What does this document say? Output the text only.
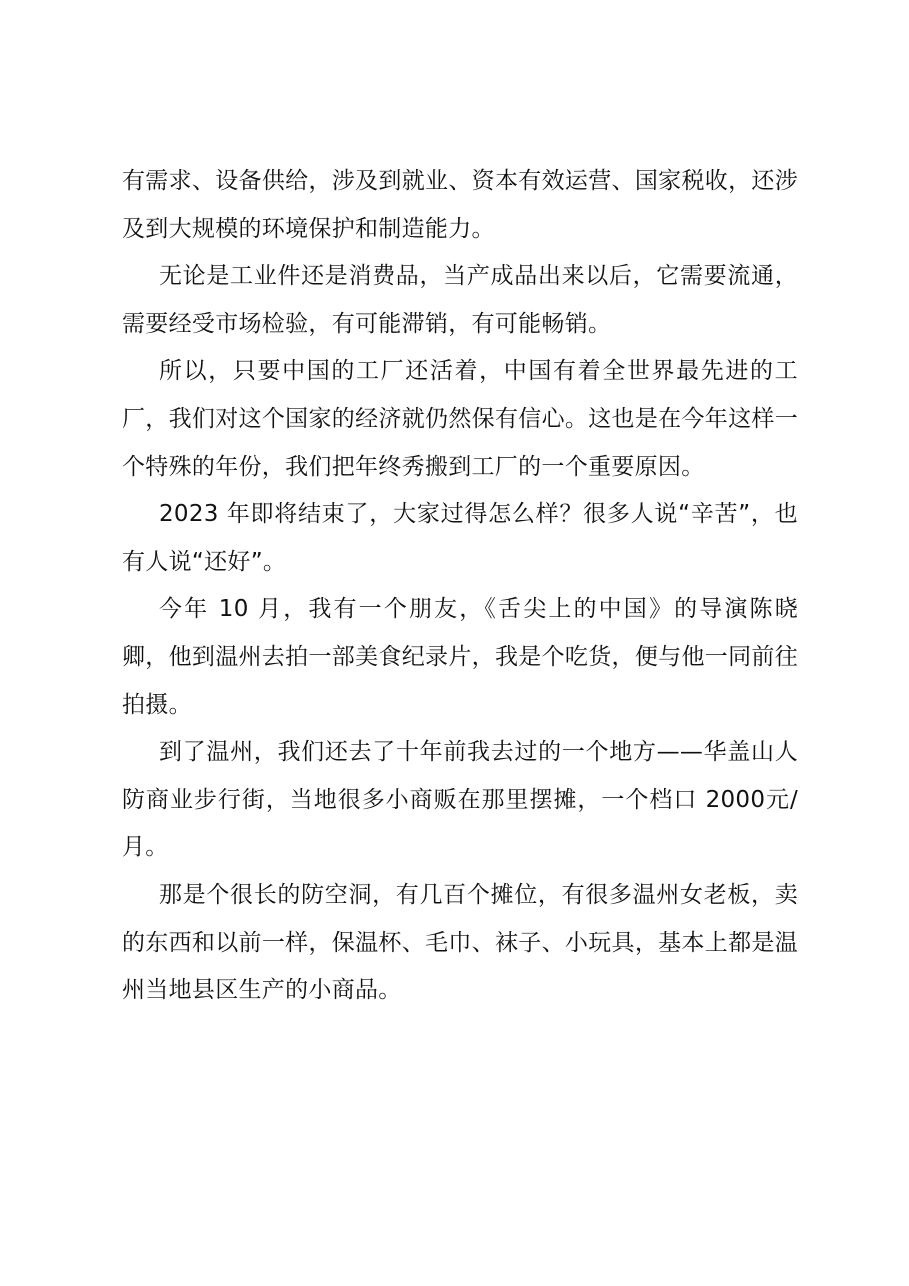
有需求、设备供给，涉及到就业、资本有效运营、国家税收，还涉及到大规模的环境保护和制造能力。

无论是工业件还是消费品，当产成品出来以后，它需要流通，需要经受市场检验，有可能滞销，有可能畅销。

所以，只要中国的工厂还活着，中国有着全世界最先进的工厂，我们对这个国家的经济就仍然保有信心。这也是在今年这样一个特殊的年份，我们把年终秀搬到工厂的一个重要原因。

2023 年即将结束了，大家过得怎么样？很多人说“辛苦”，也有人说“还好”。

今年 10 月，我有一个朋友，《舌尖上的中国》的导演陈晓卿，他到温州去拍一部美食纪录片，我是个吃货，便与他一同前往拍摄。

到了温州，我们还去了十年前我去过的一个地方——华盖山人防商业步行街，当地很多小商贩在那里摆摊，一个档口 2000元/月。

那是个很长的防空洞，有几百个摊位，有很多温州女老板，卖的东西和以前一样，保温杯、毛巾、袜子、小玩具，基本上都是温州当地县区生产的小商品。
